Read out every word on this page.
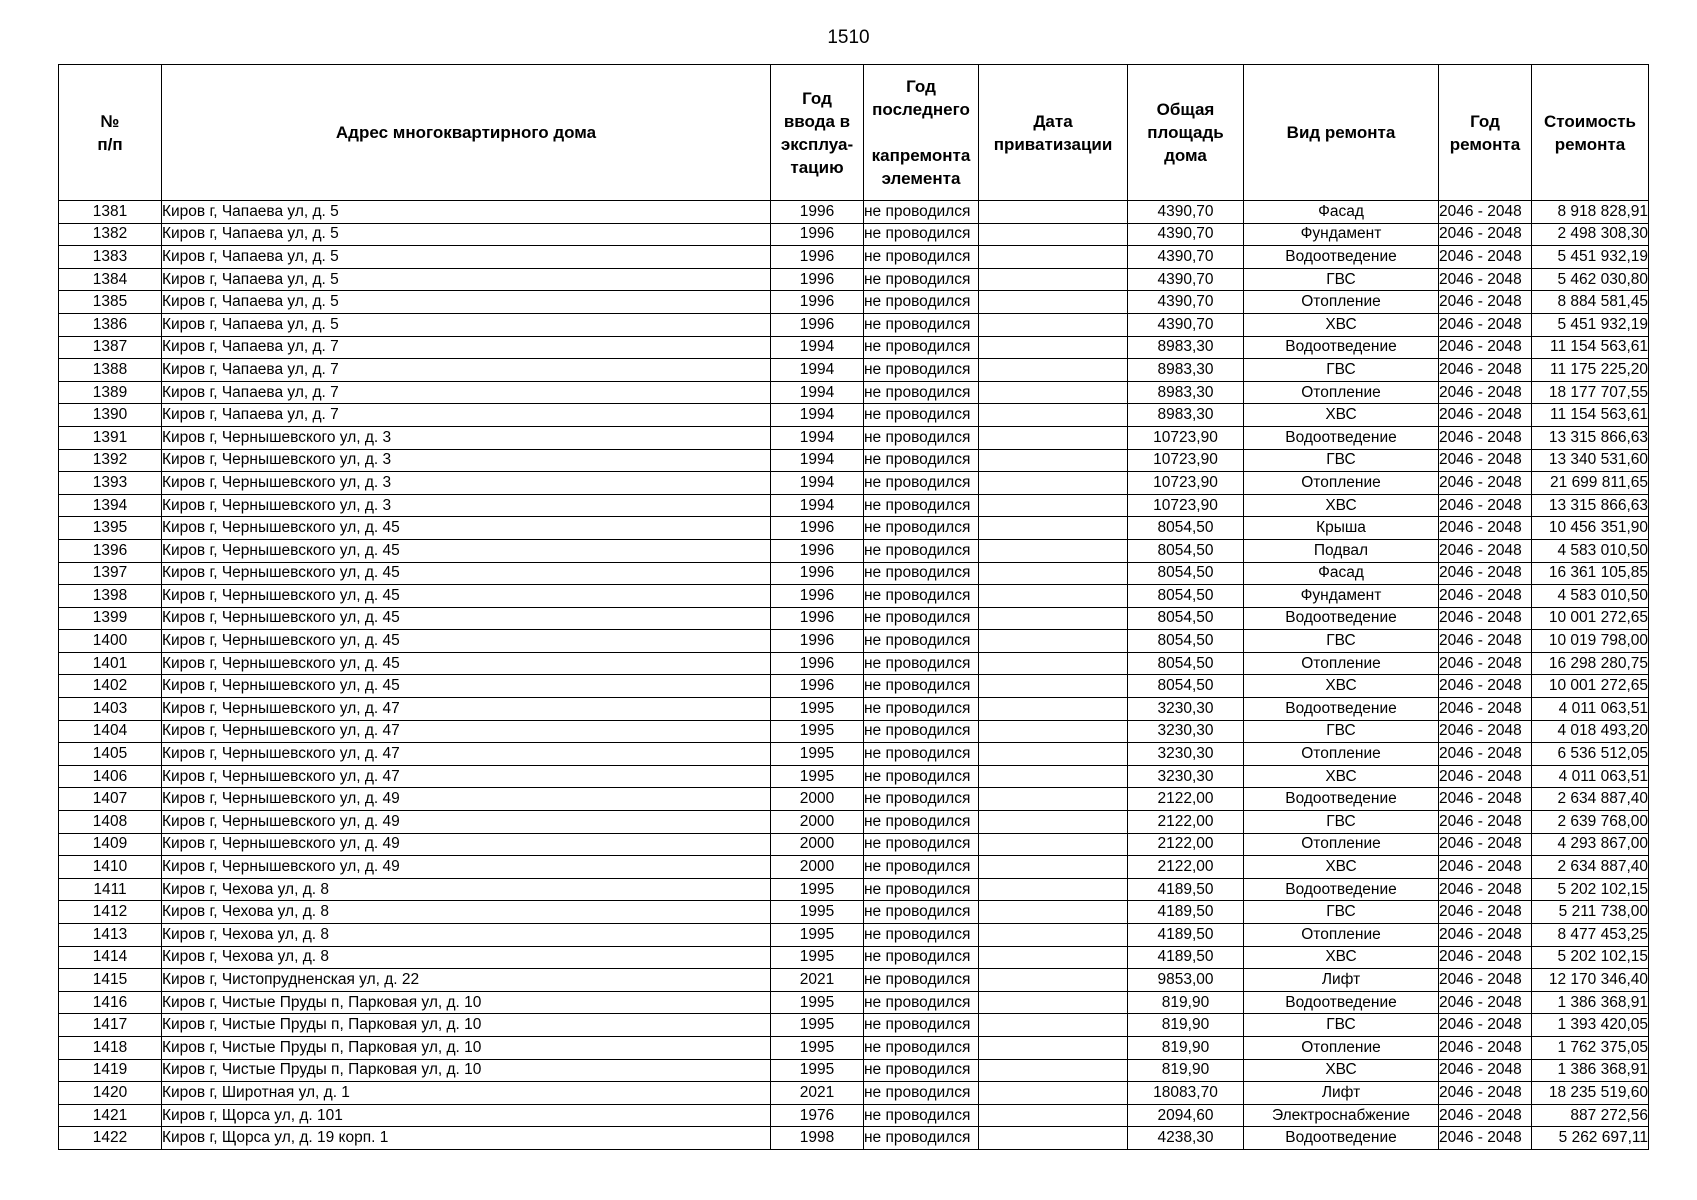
1510
№
п/п	Адрес многоквартирного дома	Год
ввода в
эксплуа-
тацию	Год
последнего

капремонта
элемента	Дата
приватизации	Общая
площадь
дома	Вид ремонта	Год
ремонта	Стоимость
ремонта
1381	Киров г, Чапаева ул, д. 5	1996	не проводился		4390,70	Фасад	2046 - 2048	8 918 828,91
1382	Киров г, Чапаева ул, д. 5	1996	не проводился		4390,70	Фундамент	2046 - 2048	2 498 308,30
1383	Киров г, Чапаева ул, д. 5	1996	не проводился		4390,70	Водоотведение	2046 - 2048	5 451 932,19
1384	Киров г, Чапаева ул, д. 5	1996	не проводился		4390,70	ГВС	2046 - 2048	5 462 030,80
1385	Киров г, Чапаева ул, д. 5	1996	не проводился		4390,70	Отопление	2046 - 2048	8 884 581,45
1386	Киров г, Чапаева ул, д. 5	1996	не проводился		4390,70	ХВС	2046 - 2048	5 451 932,19
1387	Киров г, Чапаева ул, д. 7	1994	не проводился		8983,30	Водоотведение	2046 - 2048	11 154 563,61
1388	Киров г, Чапаева ул, д. 7	1994	не проводился		8983,30	ГВС	2046 - 2048	11 175 225,20
1389	Киров г, Чапаева ул, д. 7	1994	не проводился		8983,30	Отопление	2046 - 2048	18 177 707,55
1390	Киров г, Чапаева ул, д. 7	1994	не проводился		8983,30	ХВС	2046 - 2048	11 154 563,61
1391	Киров г, Чернышевского ул, д. 3	1994	не проводился		10723,90	Водоотведение	2046 - 2048	13 315 866,63
1392	Киров г, Чернышевского ул, д. 3	1994	не проводился		10723,90	ГВС	2046 - 2048	13 340 531,60
1393	Киров г, Чернышевского ул, д. 3	1994	не проводился		10723,90	Отопление	2046 - 2048	21 699 811,65
1394	Киров г, Чернышевского ул, д. 3	1994	не проводился		10723,90	ХВС	2046 - 2048	13 315 866,63
1395	Киров г, Чернышевского ул, д. 45	1996	не проводился		8054,50	Крыша	2046 - 2048	10 456 351,90
1396	Киров г, Чернышевского ул, д. 45	1996	не проводился		8054,50	Подвал	2046 - 2048	4 583 010,50
1397	Киров г, Чернышевского ул, д. 45	1996	не проводился		8054,50	Фасад	2046 - 2048	16 361 105,85
1398	Киров г, Чернышевского ул, д. 45	1996	не проводился		8054,50	Фундамент	2046 - 2048	4 583 010,50
1399	Киров г, Чернышевского ул, д. 45	1996	не проводился		8054,50	Водоотведение	2046 - 2048	10 001 272,65
1400	Киров г, Чернышевского ул, д. 45	1996	не проводился		8054,50	ГВС	2046 - 2048	10 019 798,00
1401	Киров г, Чернышевского ул, д. 45	1996	не проводился		8054,50	Отопление	2046 - 2048	16 298 280,75
1402	Киров г, Чернышевского ул, д. 45	1996	не проводился		8054,50	ХВС	2046 - 2048	10 001 272,65
1403	Киров г, Чернышевского ул, д. 47	1995	не проводился		3230,30	Водоотведение	2046 - 2048	4 011 063,51
1404	Киров г, Чернышевского ул, д. 47	1995	не проводился		3230,30	ГВС	2046 - 2048	4 018 493,20
1405	Киров г, Чернышевского ул, д. 47	1995	не проводился		3230,30	Отопление	2046 - 2048	6 536 512,05
1406	Киров г, Чернышевского ул, д. 47	1995	не проводился		3230,30	ХВС	2046 - 2048	4 011 063,51
1407	Киров г, Чернышевского ул, д. 49	2000	не проводился		2122,00	Водоотведение	2046 - 2048	2 634 887,40
1408	Киров г, Чернышевского ул, д. 49	2000	не проводился		2122,00	ГВС	2046 - 2048	2 639 768,00
1409	Киров г, Чернышевского ул, д. 49	2000	не проводился		2122,00	Отопление	2046 - 2048	4 293 867,00
1410	Киров г, Чернышевского ул, д. 49	2000	не проводился		2122,00	ХВС	2046 - 2048	2 634 887,40
1411	Киров г, Чехова ул, д. 8	1995	не проводился		4189,50	Водоотведение	2046 - 2048	5 202 102,15
1412	Киров г, Чехова ул, д. 8	1995	не проводился		4189,50	ГВС	2046 - 2048	5 211 738,00
1413	Киров г, Чехова ул, д. 8	1995	не проводился		4189,50	Отопление	2046 - 2048	8 477 453,25
1414	Киров г, Чехова ул, д. 8	1995	не проводился		4189,50	ХВС	2046 - 2048	5 202 102,15
1415	Киров г, Чистопрудненская ул, д. 22	2021	не проводился		9853,00	Лифт	2046 - 2048	12 170 346,40
1416	Киров г, Чистые Пруды п, Парковая ул, д. 10	1995	не проводился		819,90	Водоотведение	2046 - 2048	1 386 368,91
1417	Киров г, Чистые Пруды п, Парковая ул, д. 10	1995	не проводился		819,90	ГВС	2046 - 2048	1 393 420,05
1418	Киров г, Чистые Пруды п, Парковая ул, д. 10	1995	не проводился		819,90	Отопление	2046 - 2048	1 762 375,05
1419	Киров г, Чистые Пруды п, Парковая ул, д. 10	1995	не проводился		819,90	ХВС	2046 - 2048	1 386 368,91
1420	Киров г, Широтная ул, д. 1	2021	не проводился		18083,70	Лифт	2046 - 2048	18 235 519,60
1421	Киров г, Щорса ул, д. 101	1976	не проводился		2094,60	Электроснабжение	2046 - 2048	887 272,56
1422	Киров г, Щорса ул, д. 19 корп. 1	1998	не проводился		4238,30	Водоотведение	2046 - 2048	5 262 697,11
